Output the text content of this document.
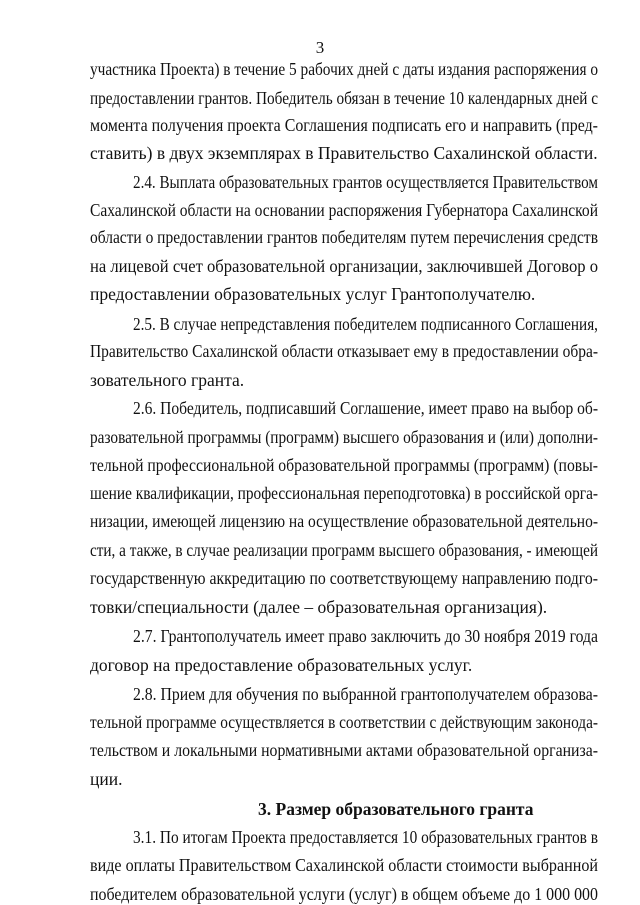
3
участника Проекта) в течение 5 рабочих дней с даты издания распоряжения о
предоставлении грантов. Победитель обязан в течение 10 календарных дней с
момента получения проекта Соглашения подписать его и направить (пред-
ставить) в двух экземплярах в Правительство Сахалинской области.
2.4. Выплата образовательных грантов осуществляется Правительством
Сахалинской области на основании распоряжения Губернатора Сахалинской
области о предоставлении грантов победителям путем перечисления средств
на лицевой счет образовательной организации, заключившей Договор о
предоставлении образовательных услуг Грантополучателю.
2.5. В случае непредставления победителем подписанного Соглашения,
Правительство Сахалинской области отказывает ему в предоставлении обра-
зовательного гранта.
2.6. Победитель, подписавший Соглашение, имеет право на выбор об-
разовательной программы (программ) высшего образования и (или) дополни-
тельной профессиональной образовательной программы (программ) (повы-
шение квалификации, профессиональная переподготовка) в российской орга-
низации, имеющей лицензию на осуществление образовательной деятельно-
сти, а также, в случае реализации программ высшего образования, - имеющей
государственную аккредитацию по соответствующему направлению подго-
товки/специальности (далее – образовательная организация).
2.7. Грантополучатель имеет право заключить до 30 ноября 2019 года
договор на предоставление образовательных услуг.
2.8. Прием для обучения по выбранной грантополучателем образова-
тельной программе осуществляется в соответствии с действующим законода-
тельством и локальными нормативными актами образовательной организа-
ции.
3. Размер образовательного гранта
3.1. По итогам Проекта предоставляется 10 образовательных грантов в
виде оплаты Правительством Сахалинской области стоимости выбранной
победителем образовательной услуги (услуг) в общем объеме до 1 000 000
